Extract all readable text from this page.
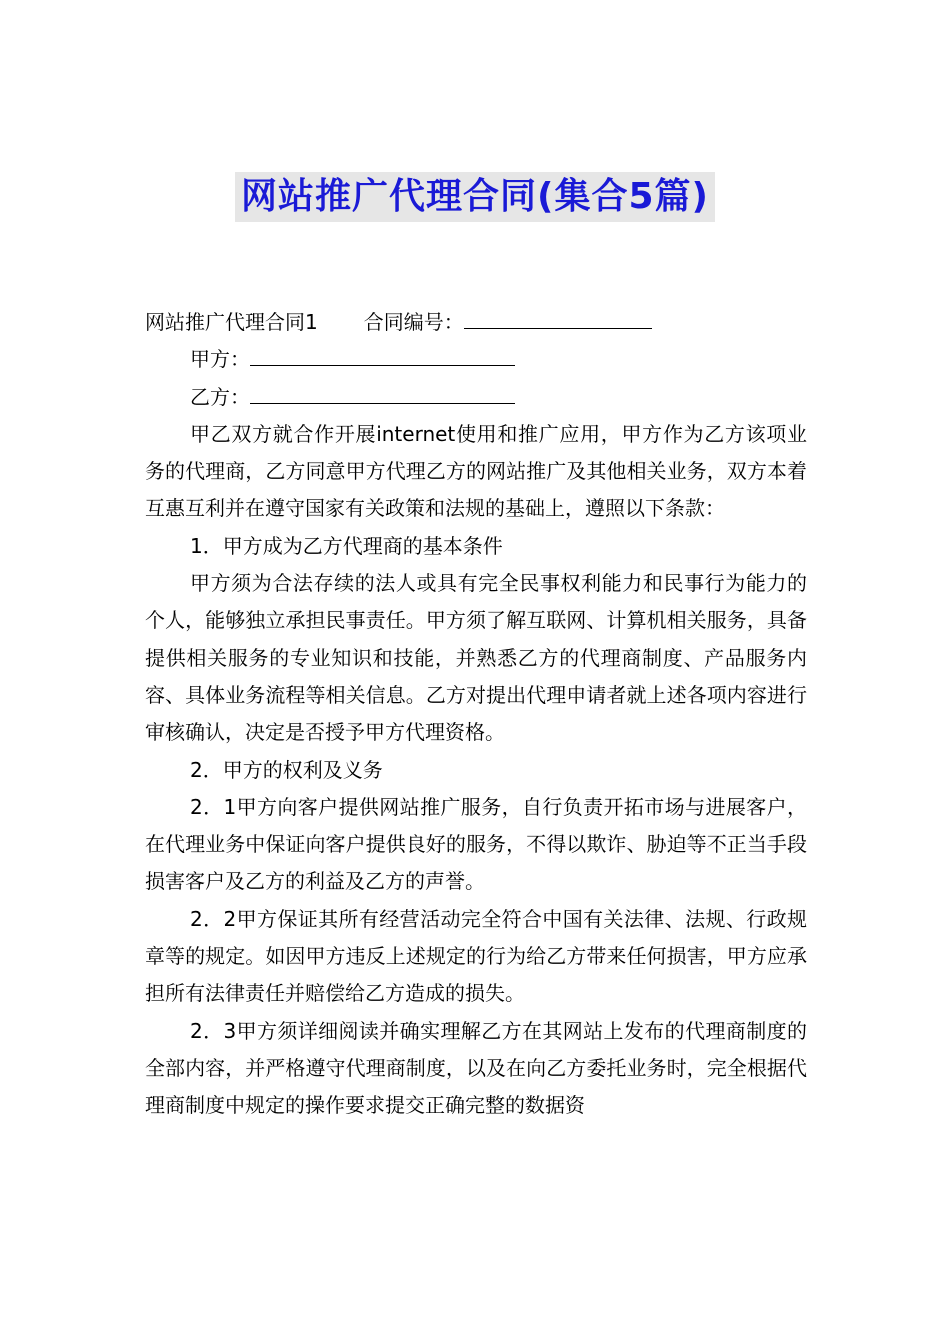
网站推广代理合同(集合5篇)
网站推广代理合同1 合同编号：
甲方：
乙方：

甲乙双方就合作开展internet使用和推广应用，甲方作为乙方该项业务的代理商，乙方同意甲方代理乙方的网站推广及其他相关业务，双方本着互惠互利并在遵守国家有关政策和法规的基础上，遵照以下条款：

1．甲方成为乙方代理商的基本条件

甲方须为合法存续的法人或具有完全民事权利能力和民事行为能力的个人，能够独立承担民事责任。甲方须了解互联网、计算机相关服务，具备提供相关服务的专业知识和技能，并熟悉乙方的代理商制度、产品服务内容、具体业务流程等相关信息。乙方对提出代理申请者就上述各项内容进行审核确认，决定是否授予甲方代理资格。

2．甲方的权利及义务

2．1甲方向客户提供网站推广服务，自行负责开拓市场与进展客户，在代理业务中保证向客户提供良好的服务，不得以欺诈、胁迫等不正当手段损害客户及乙方的利益及乙方的声誉。

2．2甲方保证其所有经营活动完全符合中国有关法律、法规、行政规章等的规定。如因甲方违反上述规定的行为给乙方带来任何损害，甲方应承担所有法律责任并赔偿给乙方造成的损失。

2．3甲方须详细阅读并确实理解乙方在其网站上发布的代理商制度的全部内容，并严格遵守代理商制度，以及在向乙方委托业务时，完全根据代理商制度中规定的操作要求提交正确完整的数据资
